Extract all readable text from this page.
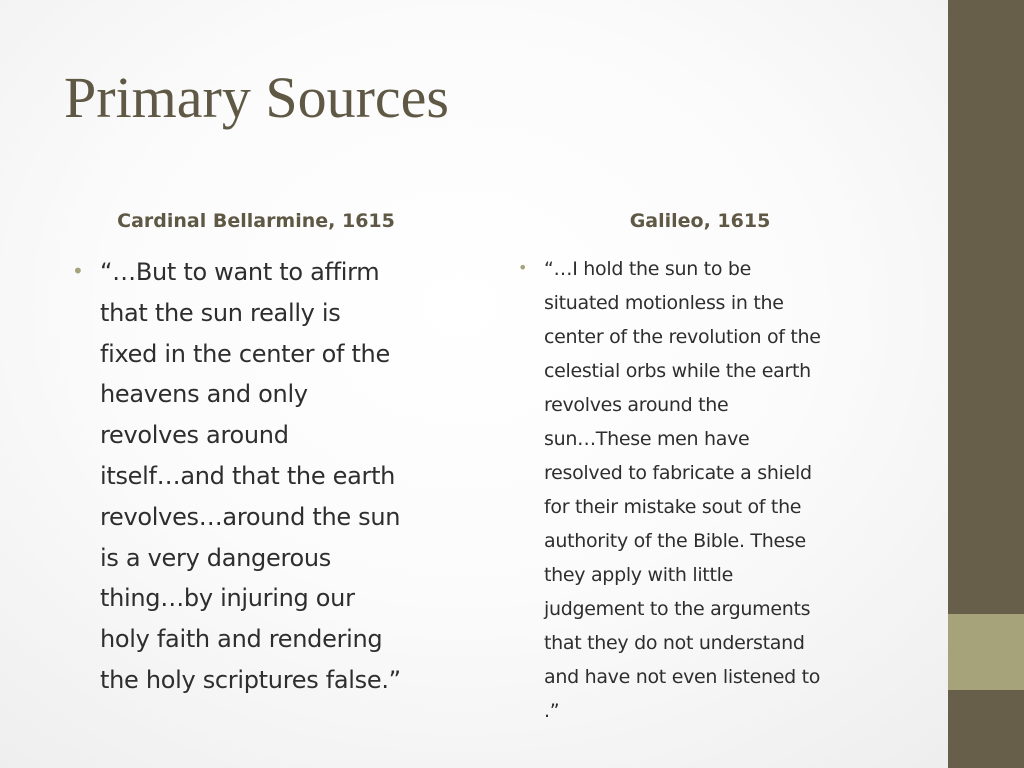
Primary Sources
Cardinal Bellarmine, 1615	Galileo, 1615
• “…But to want to affirm
that the sun really is
fixed in the center of the
heavens and only
revolves around
itself…and that the earth
revolves…around the sun
is a very dangerous
thing…by injuring our
holy faith and rendering
the holy scriptures false.”
• “…I hold the sun to be
situated motionless in the
center of the revolution of the
celestial orbs while the earth
revolves around the
sun…These men have
resolved to fabricate a shield
for their mistake sout of the
authority of the Bible. These
they apply with little
judgement to the arguments
that they do not understand
and have not even listened to
.”
